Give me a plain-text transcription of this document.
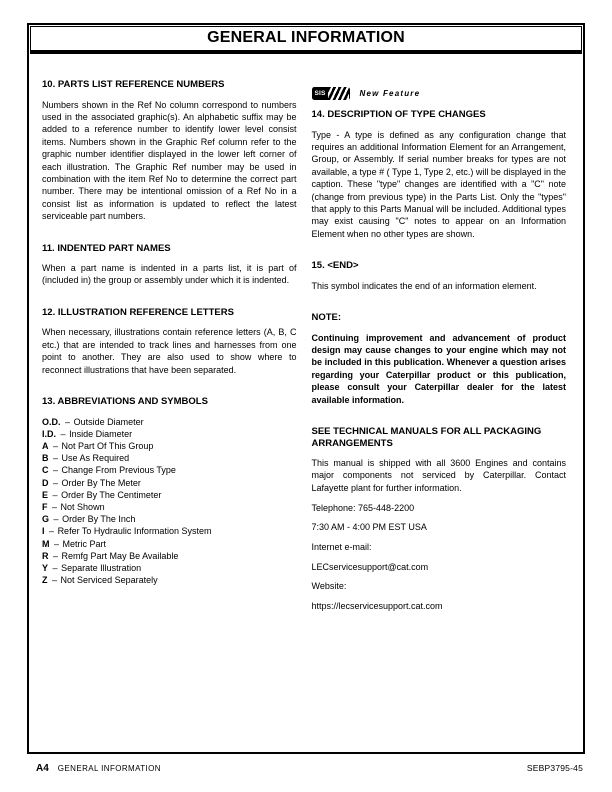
GENERAL INFORMATION
10. PARTS LIST REFERENCE NUMBERS

Numbers shown in the Ref No column correspond to numbers used in the associated graphic(s). An alphabetic suffix may be added to a reference number to identify lower level consist items. Numbers shown in the Graphic Ref column refer to the graphic number identifier displayed in the lower left corner of each illustration. The Graphic Ref number may be used in combination with the item Ref No to determine the correct part number. There may be intentional omission of a Ref No in a consist list as information is updated to reflect the latest serviceable part numbers.

11. INDENTED PART NAMES

When a part name is indented in a parts list, it is part of (included in) the group or assembly under which it is indented.

12. ILLUSTRATION REFERENCE LETTERS

When necessary, illustrations contain reference letters (A, B, C etc.) that are intended to track lines and harnesses from one point to another. They are also used to show where to reconnect illustrations that have been separated.

13. ABBREVIATIONS AND SYMBOLS
O.D. – Outside Diameter
I.D. – Inside Diameter
A – Not Part Of This Group
B – Use As Required
C – Change From Previous Type
D – Order By The Meter
E – Order By The Centimeter
F – Not Shown
G – Order By The Inch
I – Refer To Hydraulic Information System
M – Metric Part
R – Remfg Part May Be Available
Y – Separate Illustration
Z – Not Serviced Separately
SIS	New Feature
14. DESCRIPTION OF TYPE CHANGES

Type - A type is defined as any configuration change that requires an additional Information Element for an Arrangement, Group, or Assembly. If serial number breaks for types are not available, a type # ( Type 1, Type 2, etc.) will be displayed in the caption. These "type" changes are identified with a "C" note (change from previous type) in the Parts List. Only the "types" that apply to this Parts Manual will be included. Additional types may exist causing "C" notes to appear on an Information Element when no other types are shown.

15. <END>

This symbol indicates the end of an information element.

NOTE:

Continuing improvement and advancement of product design may cause changes to your engine which may not be included in this publication. Whenever a question arises regarding your Caterpillar product or this publication, please consult your Caterpillar dealer for the latest available information.

SEE TECHNICAL MANUALS FOR ALL PACKAGING ARRANGEMENTS

This manual is shipped with all 3600 Engines and contains major components not serviced by Caterpillar. Contact Lafayette plant for further information.

Telephone: 765-448-2200

7:30 AM - 4:00 PM EST USA

Internet e-mail:

LECservicesupport@cat.com

Website:

https://lecservicesupport.cat.com

A4 GENERAL INFORMATION	SEBP3795-45
